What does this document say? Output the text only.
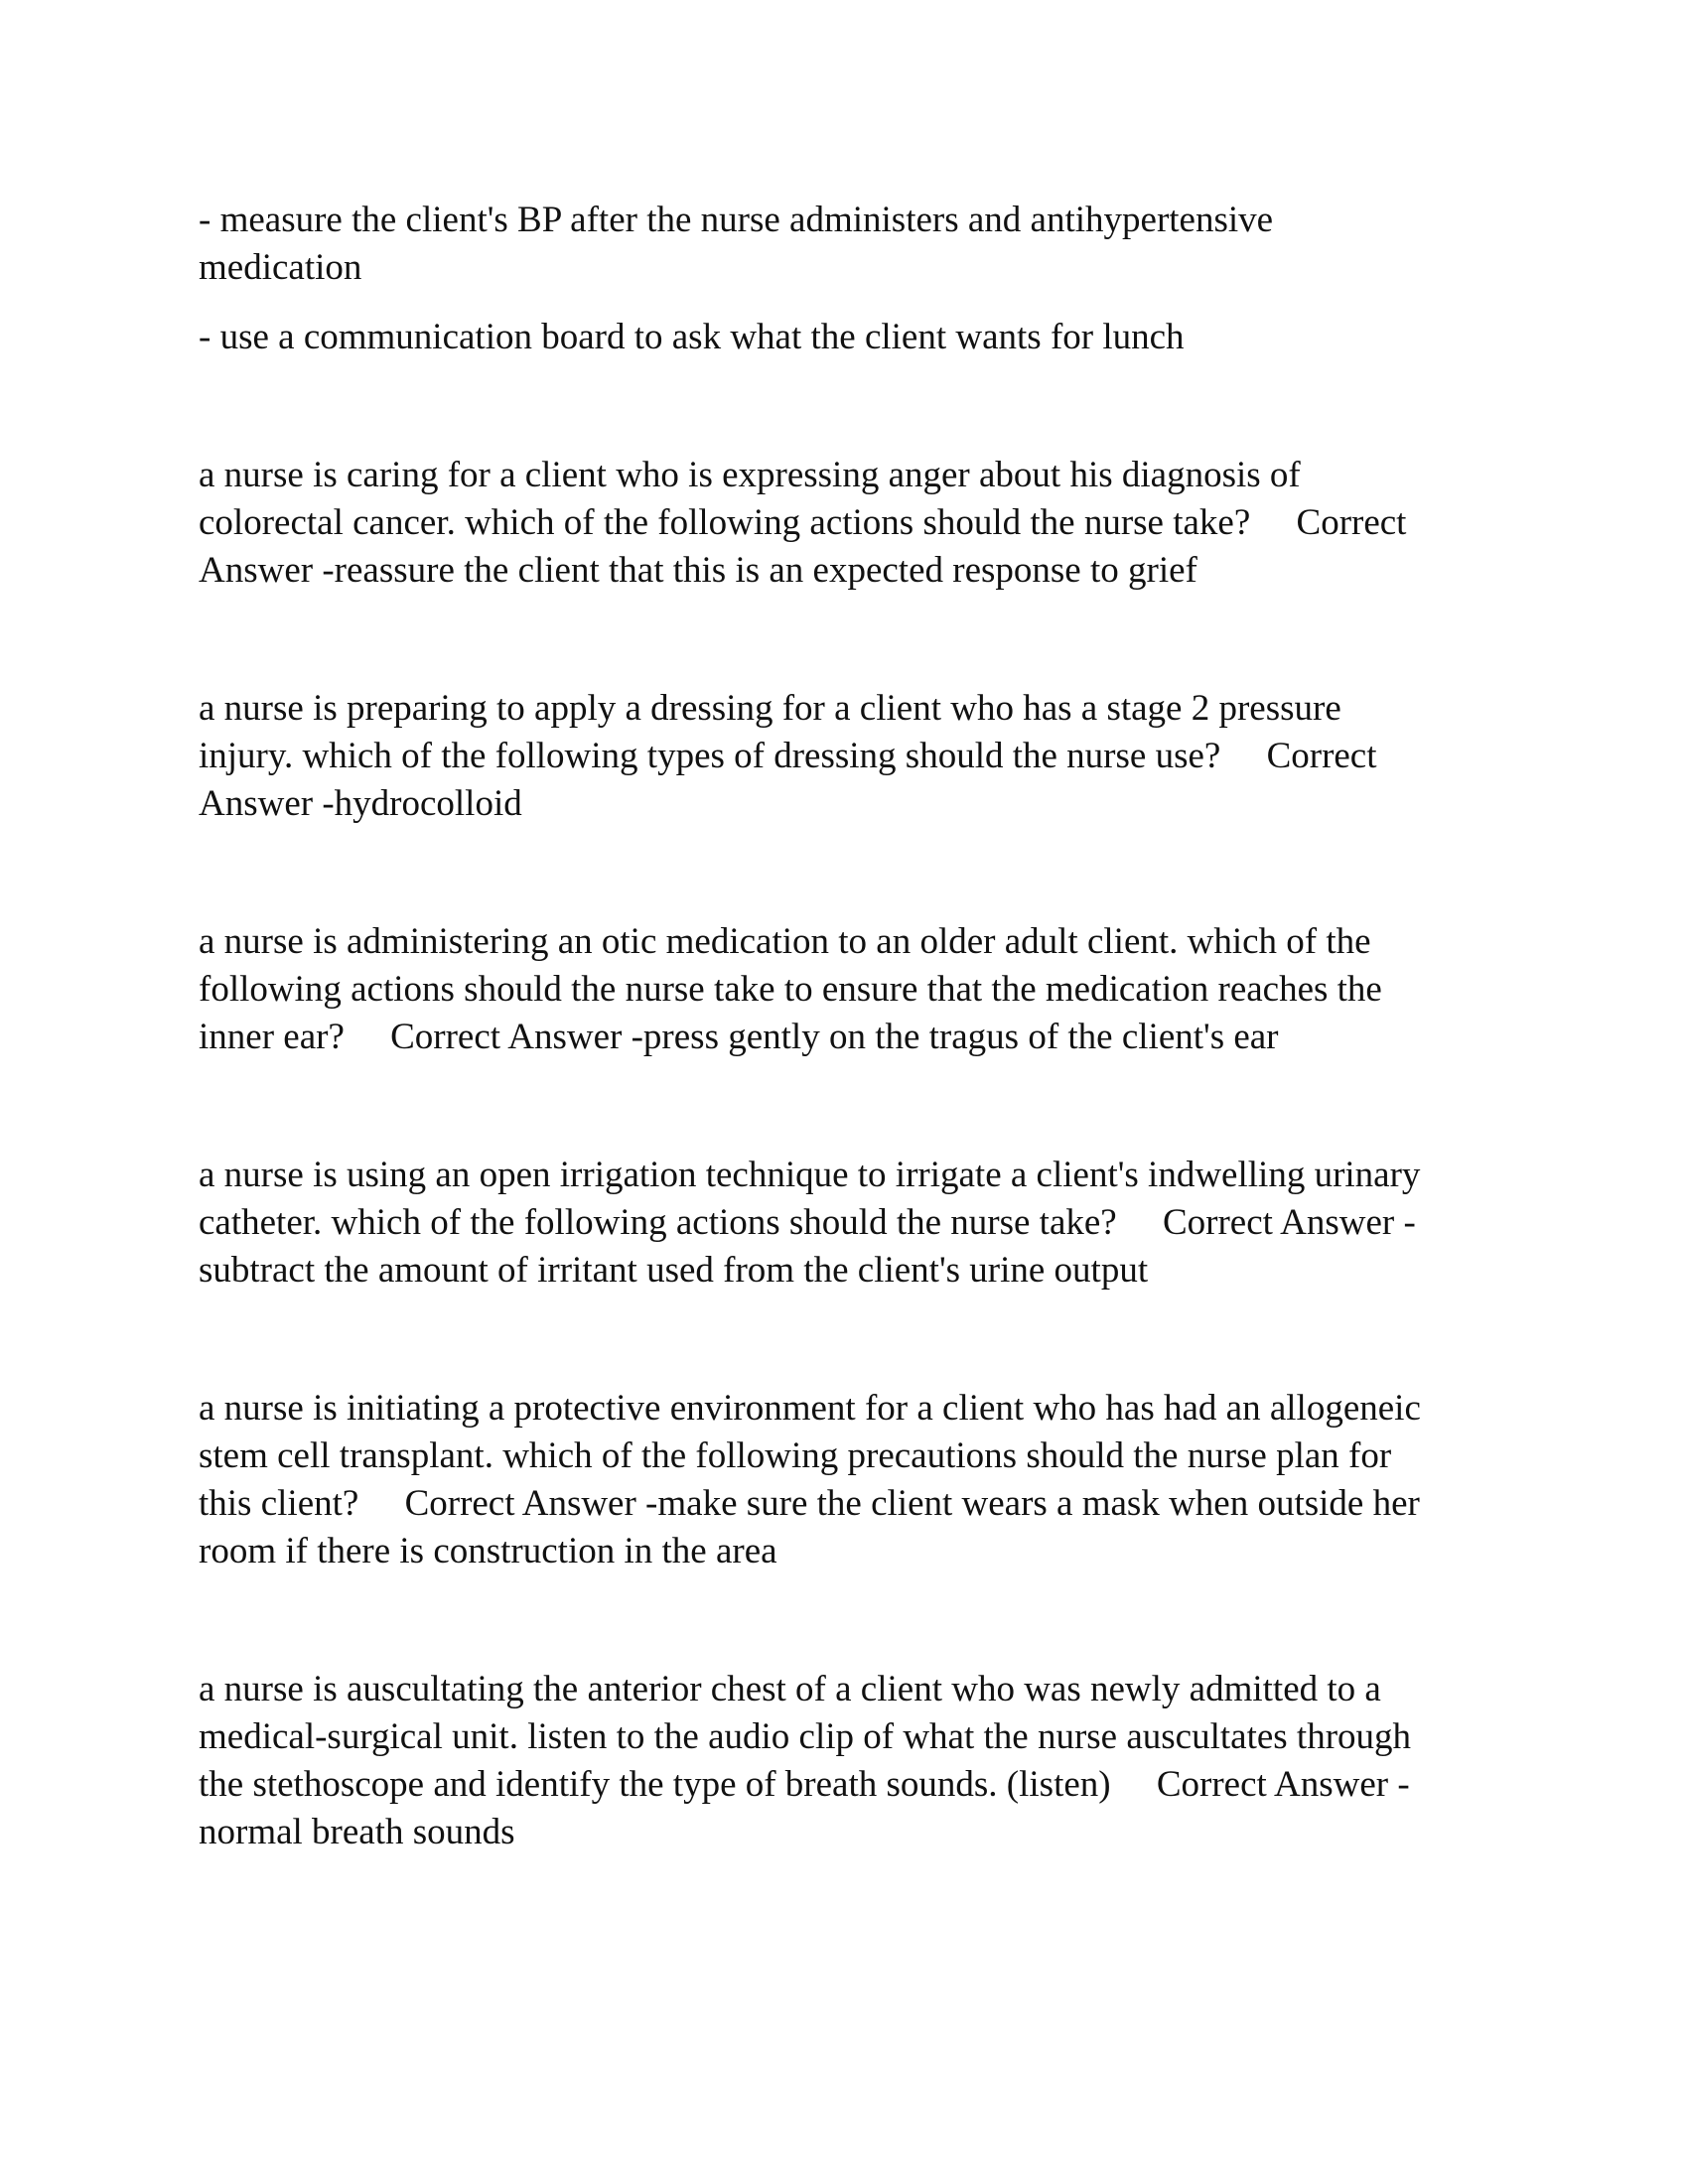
- measure the client's BP after the nurse administers and antihypertensive
medication

- use a communication board to ask what the client wants for lunch

a nurse is caring for a client who is expressing anger about his diagnosis of
colorectal cancer. which of the following actions should the nurse take?     Correct
Answer -reassure the client that this is an expected response to grief

a nurse is preparing to apply a dressing for a client who has a stage 2 pressure
injury. which of the following types of dressing should the nurse use?     Correct
Answer -hydrocolloid

a nurse is administering an otic medication to an older adult client. which of the
following actions should the nurse take to ensure that the medication reaches the
inner ear?     Correct Answer -press gently on the tragus of the client's ear

a nurse is using an open irrigation technique to irrigate a client's indwelling urinary
catheter. which of the following actions should the nurse take?     Correct Answer -
subtract the amount of irritant used from the client's urine output

a nurse is initiating a protective environment for a client who has had an allogeneic
stem cell transplant. which of the following precautions should the nurse plan for
this client?     Correct Answer -make sure the client wears a mask when outside her
room if there is construction in the area

a nurse is auscultating the anterior chest of a client who was newly admitted to a
medical-surgical unit. listen to the audio clip of what the nurse auscultates through
the stethoscope and identify the type of breath sounds. (listen)     Correct Answer -
normal breath sounds
